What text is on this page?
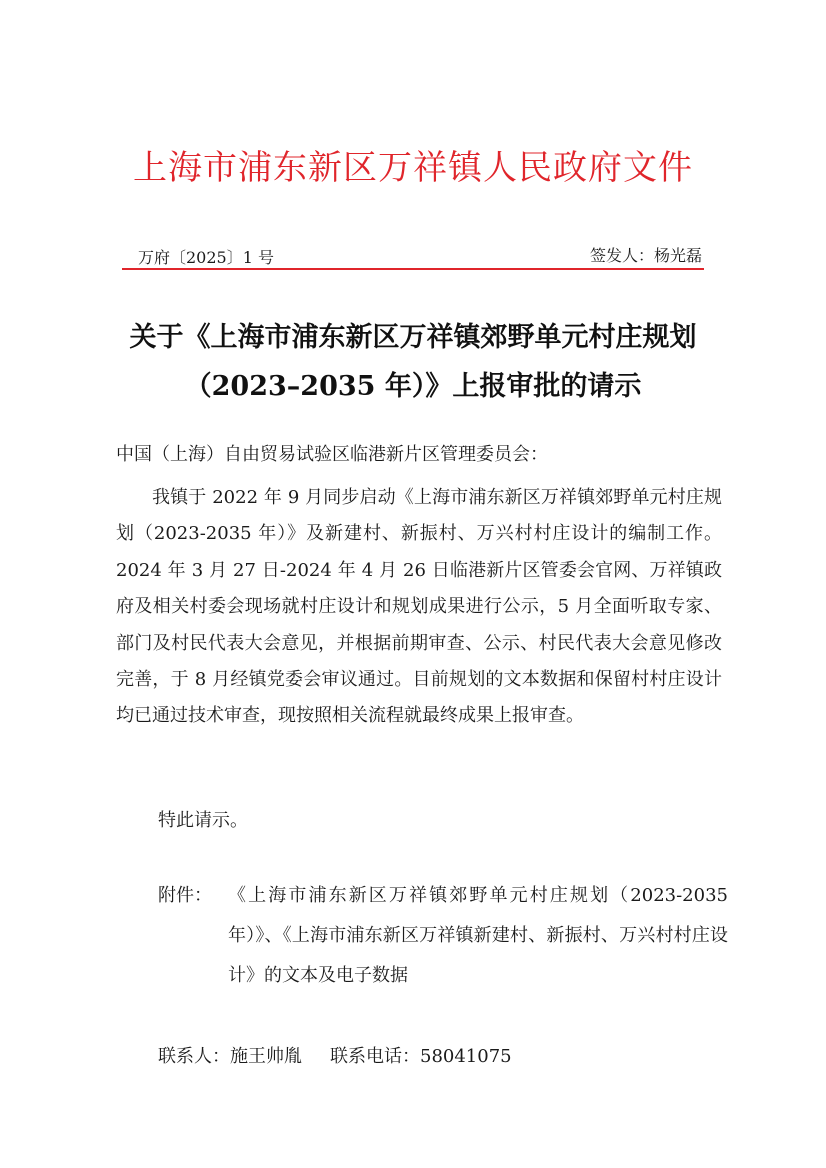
上海市浦东新区万祥镇人民政府文件
万府〔2025〕1 号	签发人：杨光磊
关于《上海市浦东新区万祥镇郊野单元村庄规划
（2023–2035 年）》上报审批的请示
中国（上海）自由贸易试验区临港新片区管理委员会：

我镇于 2022 年 9 月同步启动《上海市浦东新区万祥镇郊野单元村庄规划（2023-2035 年）》及新建村、新振村、万兴村村庄设计的编制工作。2024 年 3 月 27 日-2024 年 4 月 26 日临港新片区管委会官网、万祥镇政府及相关村委会现场就村庄设计和规划成果进行公示，5 月全面听取专家、部门及村民代表大会意见，并根据前期审查、公示、村民代表大会意见修改完善，于 8 月经镇党委会审议通过。目前规划的文本数据和保留村村庄设计均已通过技术审查，现按照相关流程就最终成果上报审查。

特此请示。
附件： 《上海市浦东新区万祥镇郊野单元村庄规划（2023-2035 年）》、《上海市浦东新区万祥镇新建村、新振村、万兴村村庄设计》的文本及电子数据
联系人：施王帅胤 联系电话：58041075
